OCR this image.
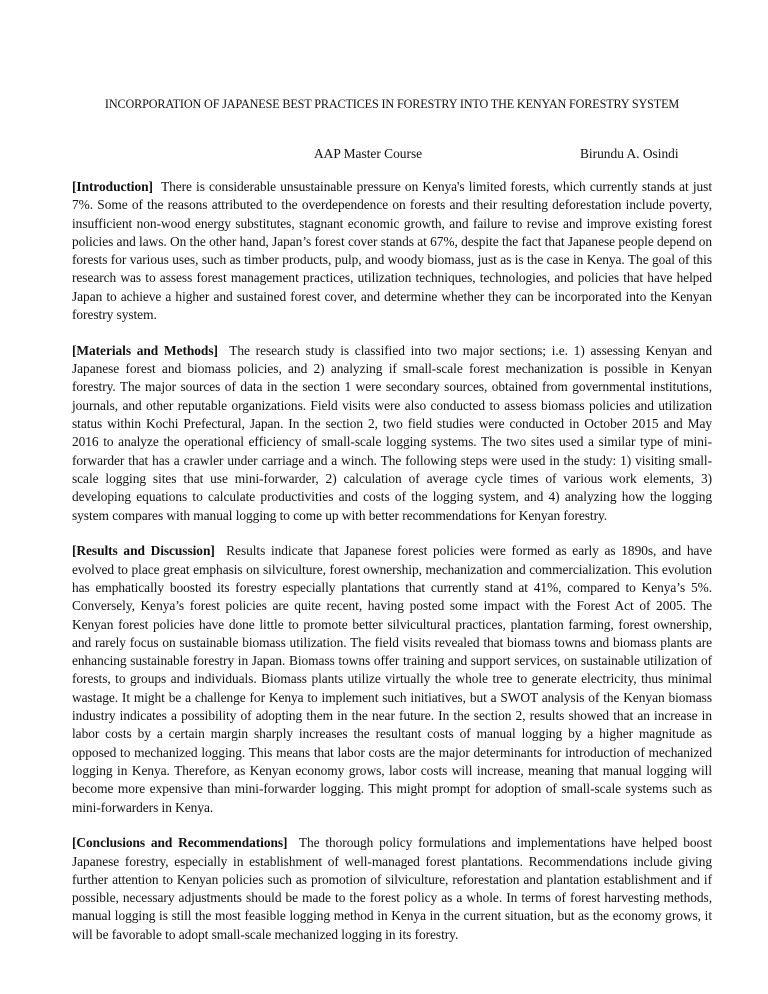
INCORPORATION OF JAPANESE BEST PRACTICES IN FORESTRY INTO THE KENYAN FORESTRY SYSTEM
AAP Master Course	Birundu A. Osindi

[Introduction] There is considerable unsustainable pressure on Kenya's limited forests, which currently stands at just 7%. Some of the reasons attributed to the overdependence on forests and their resulting deforestation include poverty, insufficient non-wood energy substitutes, stagnant economic growth, and failure to revise and improve existing forest policies and laws. On the other hand, Japan’s forest cover stands at 67%, despite the fact that Japanese people depend on forests for various uses, such as timber products, pulp, and woody biomass, just as is the case in Kenya. The goal of this research was to assess forest management practices, utilization techniques, technologies, and policies that have helped Japan to achieve a higher and sustained forest cover, and determine whether they can be incorporated into the Kenyan forestry system.

[Materials and Methods] The research study is classified into two major sections; i.e. 1) assessing Kenyan and Japanese forest and biomass policies, and 2) analyzing if small-scale forest mechanization is possible in Kenyan forestry. The major sources of data in the section 1 were secondary sources, obtained from governmental institutions, journals, and other reputable organizations. Field visits were also conducted to assess biomass policies and utilization status within Kochi Prefectural, Japan. In the section 2, two field studies were conducted in October 2015 and May 2016 to analyze the operational efficiency of small-scale logging systems. The two sites used a similar type of mini-forwarder that has a crawler under carriage and a winch. The following steps were used in the study: 1) visiting small-scale logging sites that use mini-forwarder, 2) calculation of average cycle times of various work elements, 3) developing equations to calculate productivities and costs of the logging system, and 4) analyzing how the logging system compares with manual logging to come up with better recommendations for Kenyan forestry.

[Results and Discussion] Results indicate that Japanese forest policies were formed as early as 1890s, and have evolved to place great emphasis on silviculture, forest ownership, mechanization and commercialization. This evolution has emphatically boosted its forestry especially plantations that currently stand at 41%, compared to Kenya’s 5%. Conversely, Kenya’s forest policies are quite recent, having posted some impact with the Forest Act of 2005. The Kenyan forest policies have done little to promote better silvicultural practices, plantation farming, forest ownership, and rarely focus on sustainable biomass utilization. The field visits revealed that biomass towns and biomass plants are enhancing sustainable forestry in Japan. Biomass towns offer training and support services, on sustainable utilization of forests, to groups and individuals. Biomass plants utilize virtually the whole tree to generate electricity, thus minimal wastage. It might be a challenge for Kenya to implement such initiatives, but a SWOT analysis of the Kenyan biomass industry indicates a possibility of adopting them in the near future. In the section 2, results showed that an increase in labor costs by a certain margin sharply increases the resultant costs of manual logging by a higher magnitude as opposed to mechanized logging. This means that labor costs are the major determinants for introduction of mechanized logging in Kenya. Therefore, as Kenyan economy grows, labor costs will increase, meaning that manual logging will become more expensive than mini-forwarder logging. This might prompt for adoption of small-scale systems such as mini-forwarders in Kenya.

[Conclusions and Recommendations] The thorough policy formulations and implementations have helped boost Japanese forestry, especially in establishment of well-managed forest plantations. Recommendations include giving further attention to Kenyan policies such as promotion of silviculture, reforestation and plantation establishment and if possible, necessary adjustments should be made to the forest policy as a whole. In terms of forest harvesting methods, manual logging is still the most feasible logging method in Kenya in the current situation, but as the economy grows, it will be favorable to adopt small-scale mechanized logging in its forestry.
